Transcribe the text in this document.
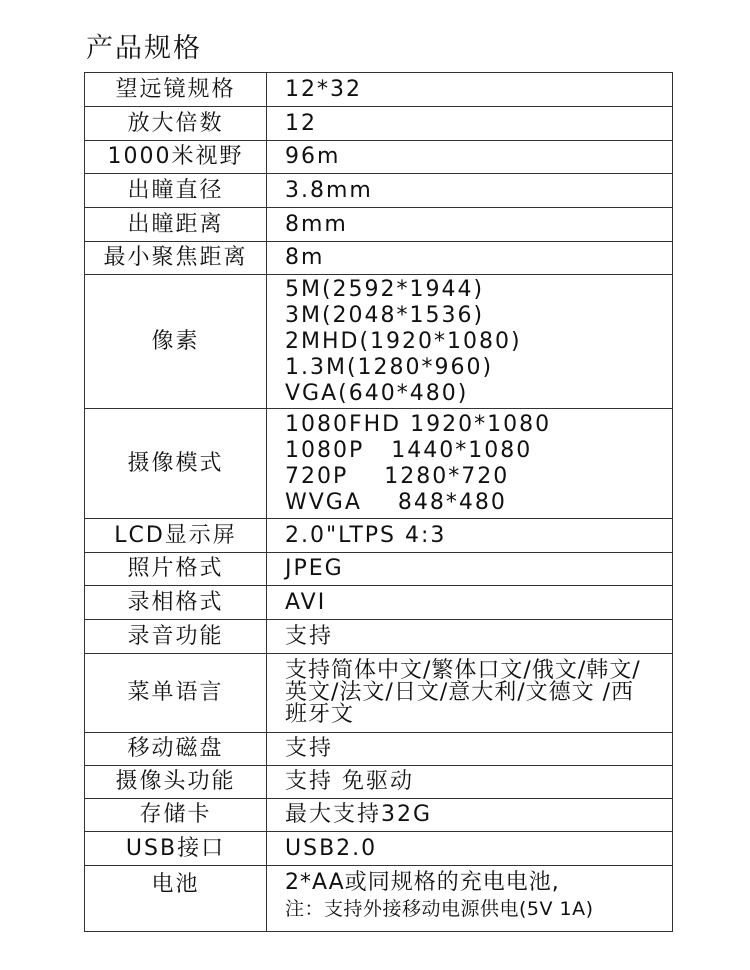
产品规格
望远镜规格	12*32
放大倍数	12
1000米视野	96m
出瞳直径	3.8mm
出瞳距离	8mm
最小聚焦距离	8m
像素	5M(2592*1944)
3M(2048*1536)
2MHD(1920*1080)
1.3M(1280*960)
VGA(640*480)

摄像模式	1080FHD 1920*1080
1080P   1440*1080
720P    1280*720
WVGA    848*480

LCD显示屏	2.0"LTPS 4:3
照片格式	JPEG
录相格式	AVI
录音功能	支持
菜单语言	支持简体中文/繁体口文/俄文/韩文/
英文/法文/日文/意大利/文德文 /西
班牙文

移动磁盘	支持
摄像头功能	支持 免驱动
存储卡	最大支持32G
USB接口	USB2.0
电池	2*AA或同规格的充电电池,
注：支持外接移动电源供电(5V 1A)
